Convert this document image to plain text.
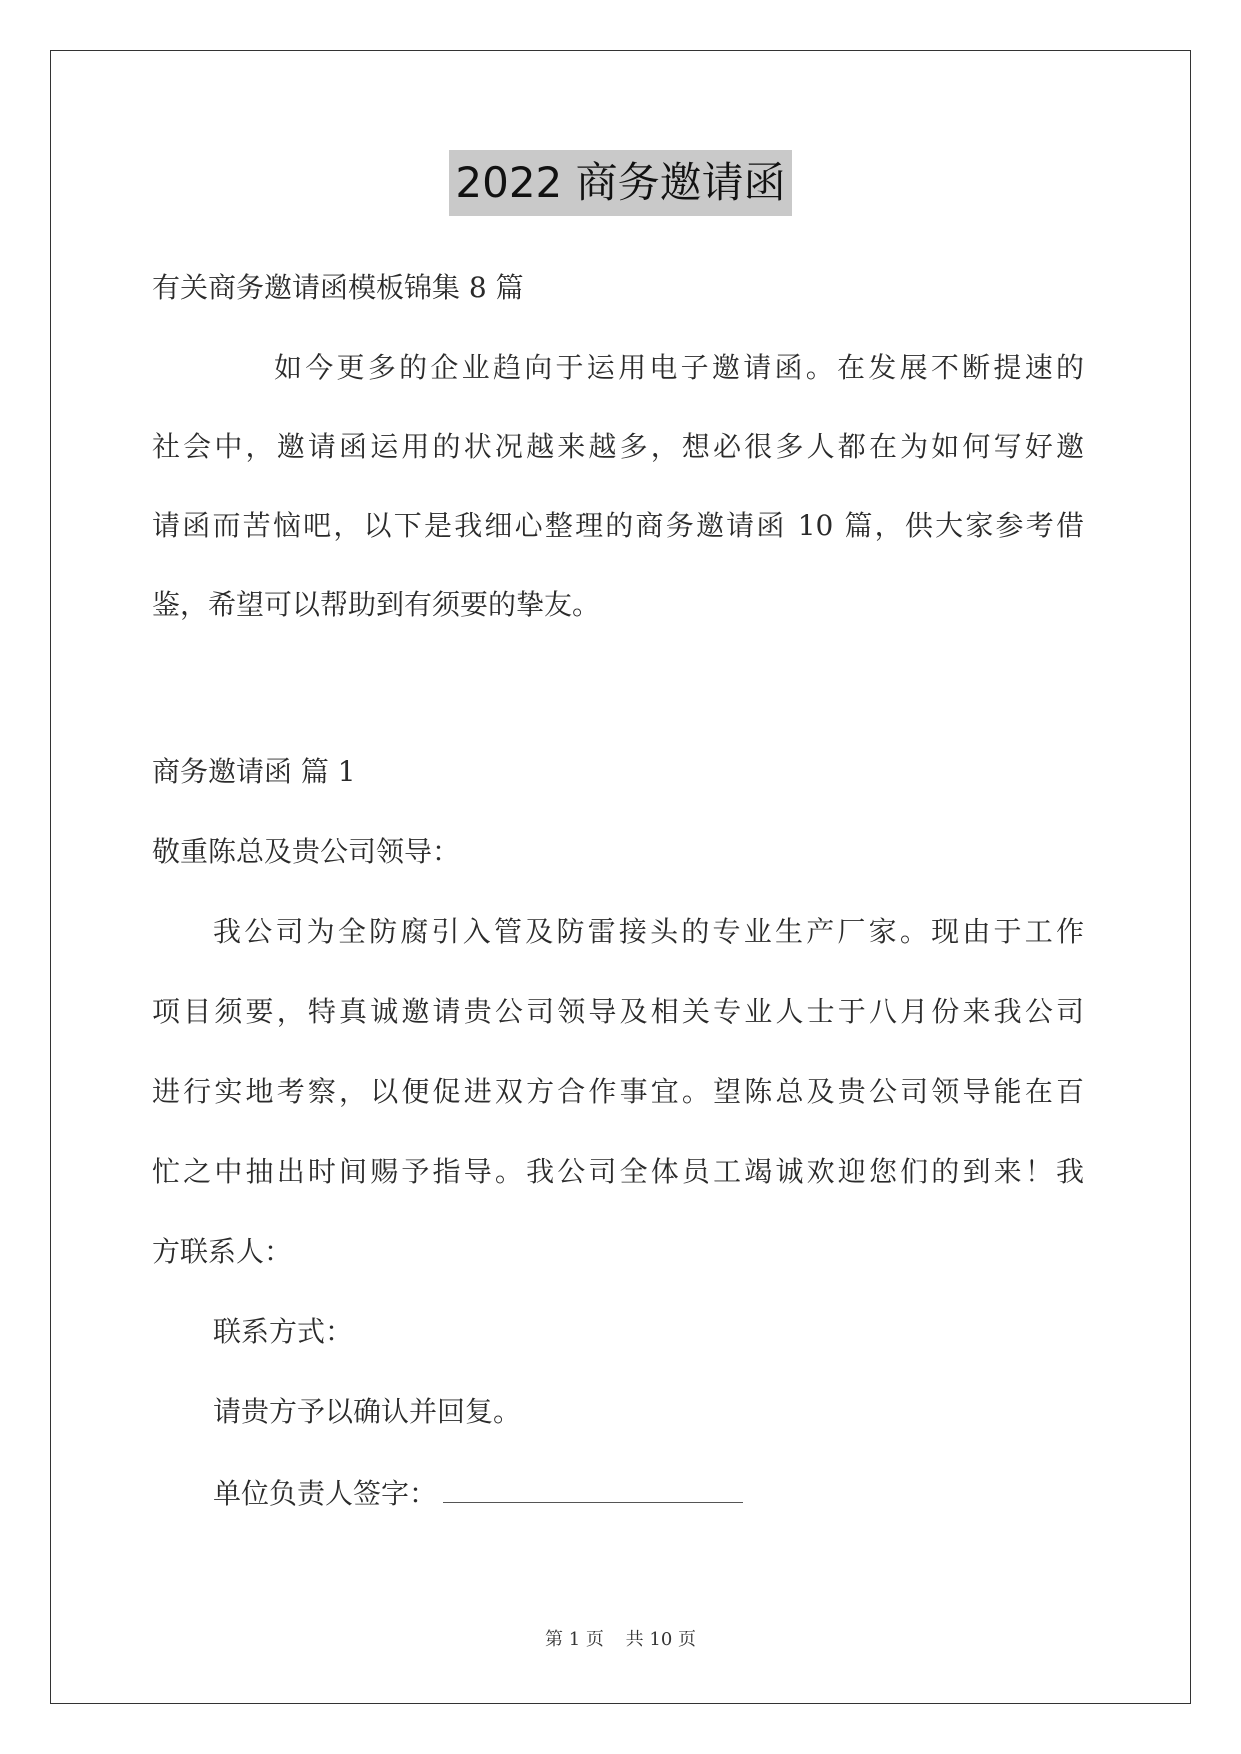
2022 商务邀请函
有关商务邀请函模板锦集 8 篇
如今更多的企业趋向于运用电子邀请函。在发展不断提速的
社会中，邀请函运用的状况越来越多，想必很多人都在为如何写好邀
请函而苦恼吧，以下是我细心整理的商务邀请函 10 篇，供大家参考借
鉴，希望可以帮助到有须要的挚友。
商务邀请函 篇 1
敬重陈总及贵公司领导：
我公司为全防腐引入管及防雷接头的专业生产厂家。现由于工作
项目须要，特真诚邀请贵公司领导及相关专业人士于八月份来我公司
进行实地考察，以便促进双方合作事宜。望陈总及贵公司领导能在百
忙之中抽出时间赐予指导。我公司全体员工竭诚欢迎您们的到来！我
方联系人：
联系方式：
请贵方予以确认并回复。
单位负责人签字：
第 1 页 共 10 页
